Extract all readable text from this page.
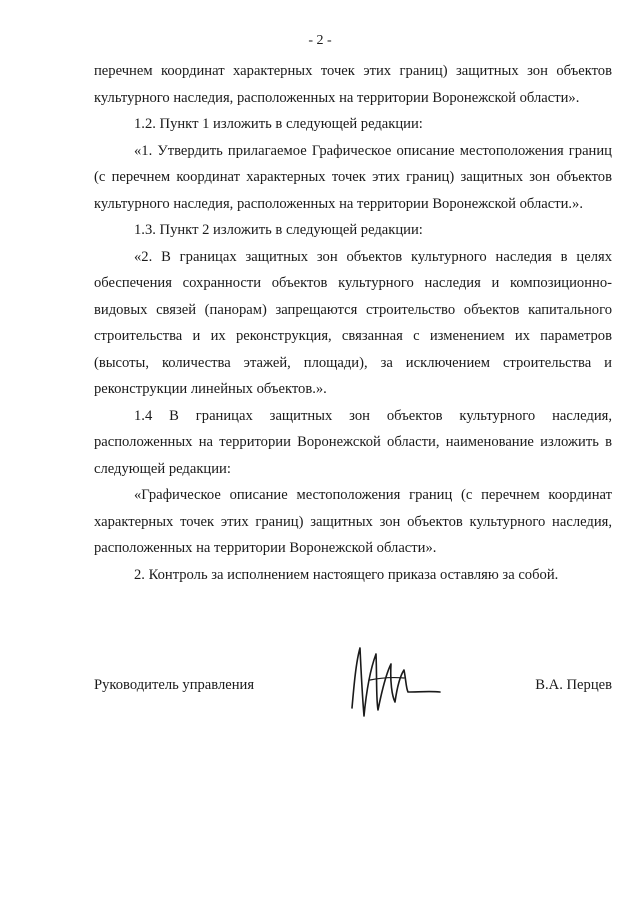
- 2 -

перечнем координат характерных точек этих границ) защитных зон объектов культурного наследия, расположенных на территории Воронежской области».

1.2. Пункт 1 изложить в следующей редакции:

«1. Утвердить прилагаемое Графическое описание местоположения границ (с перечнем координат характерных точек этих границ) защитных зон объектов культурного наследия, расположенных на территории Воронежской области.».

1.3. Пункт 2 изложить в следующей редакции:

«2. В границах защитных зон объектов культурного наследия в целях обеспечения сохранности объектов культурного наследия и композиционно-видовых связей (панорам) запрещаются строительство объектов капитального строительства и их реконструкция, связанная с изменением их параметров (высоты, количества этажей, площади), за исключением строительства и реконструкции линейных объектов.».

1.4 В границах защитных зон объектов культурного наследия, расположенных на территории Воронежской области, наименование изложить в следующей редакции:

«Графическое описание местоположения границ (с перечнем координат характерных точек этих границ) защитных зон объектов культурного наследия, расположенных на территории Воронежской области».

2. Контроль за исполнением настоящего приказа оставляю за собой.

Руководитель управления	В.А. Перцев
